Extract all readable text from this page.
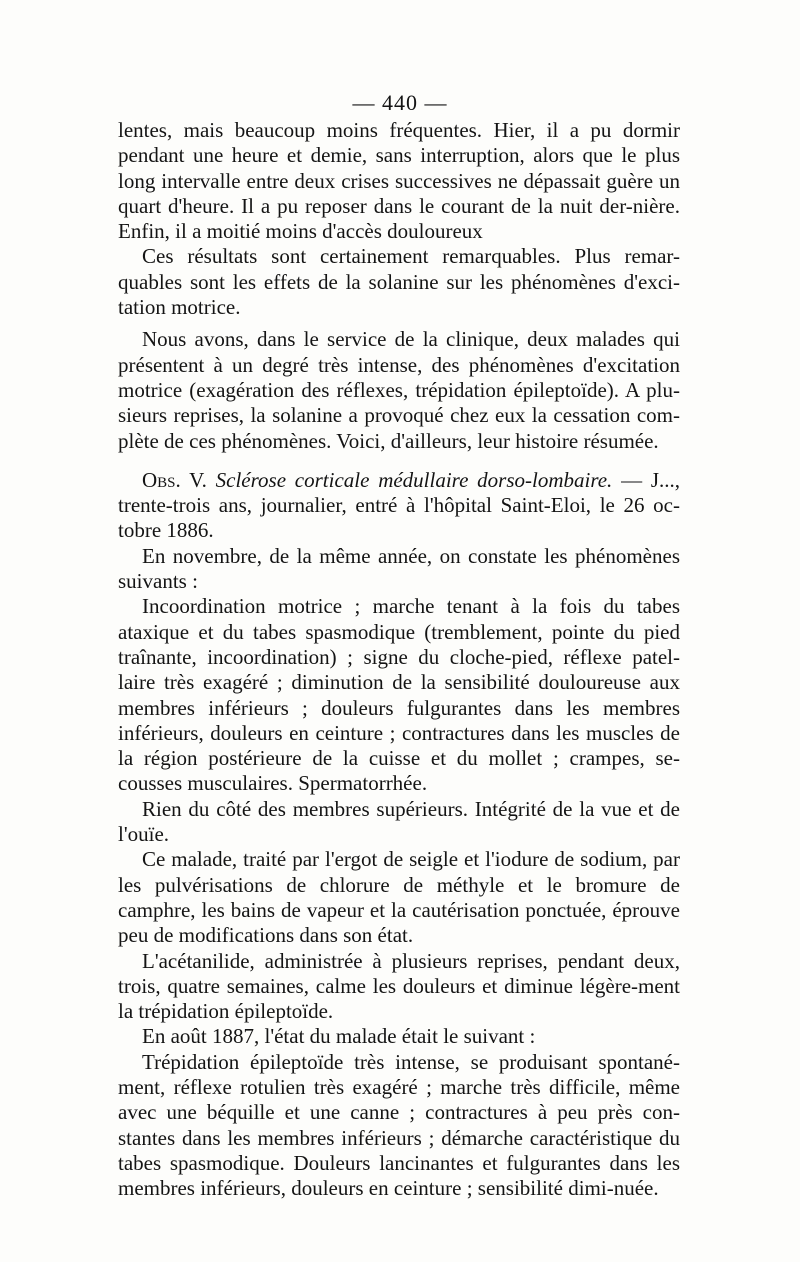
— 440 —

lentes, mais beaucoup moins fréquentes. Hier, il a pu dormir pendant une heure et demie, sans interruption, alors que le plus long intervalle entre deux crises successives ne dépassait guère un quart d'heure. Il a pu reposer dans le courant de la nuit der-nière. Enfin, il a moitié moins d'accès douloureux

Ces résultats sont certainement remarquables. Plus remar-quables sont les effets de la solanine sur les phénomènes d'exci-tation motrice.

Nous avons, dans le service de la clinique, deux malades qui présentent à un degré très intense, des phénomènes d'excitation motrice (exagération des réflexes, trépidation épileptoïde). A plu-sieurs reprises, la solanine a provoqué chez eux la cessation com-plète de ces phénomènes. Voici, d'ailleurs, leur histoire résumée.

Obs. V. Sclérose corticale médullaire dorso-lombaire. — J..., trente-trois ans, journalier, entré à l'hôpital Saint-Eloi, le 26 oc-tobre 1886.

En novembre, de la même année, on constate les phénomènes suivants :

Incoordination motrice ; marche tenant à la fois du tabes ataxique et du tabes spasmodique (tremblement, pointe du pied traînante, incoordination) ; signe du cloche-pied, réflexe patel-laire très exagéré ; diminution de la sensibilité douloureuse aux membres inférieurs ; douleurs fulgurantes dans les membres inférieurs, douleurs en ceinture ; contractures dans les muscles de la région postérieure de la cuisse et du mollet ; crampes, se-cousses musculaires. Spermatorrhée.

Rien du côté des membres supérieurs. Intégrité de la vue et de l'ouïe.

Ce malade, traité par l'ergot de seigle et l'iodure de sodium, par les pulvérisations de chlorure de méthyle et le bromure de camphre, les bains de vapeur et la cautérisation ponctuée, éprouve peu de modifications dans son état.

L'acétanilide, administrée à plusieurs reprises, pendant deux, trois, quatre semaines, calme les douleurs et diminue légère-ment la trépidation épileptoïde.

En août 1887, l'état du malade était le suivant :

Trépidation épileptoïde très intense, se produisant spontané-ment, réflexe rotulien très exagéré ; marche très difficile, même avec une béquille et une canne ; contractures à peu près con-stantes dans les membres inférieurs ; démarche caractéristique du tabes spasmodique. Douleurs lancinantes et fulgurantes dans les membres inférieurs, douleurs en ceinture ; sensibilité dimi-nuée.
